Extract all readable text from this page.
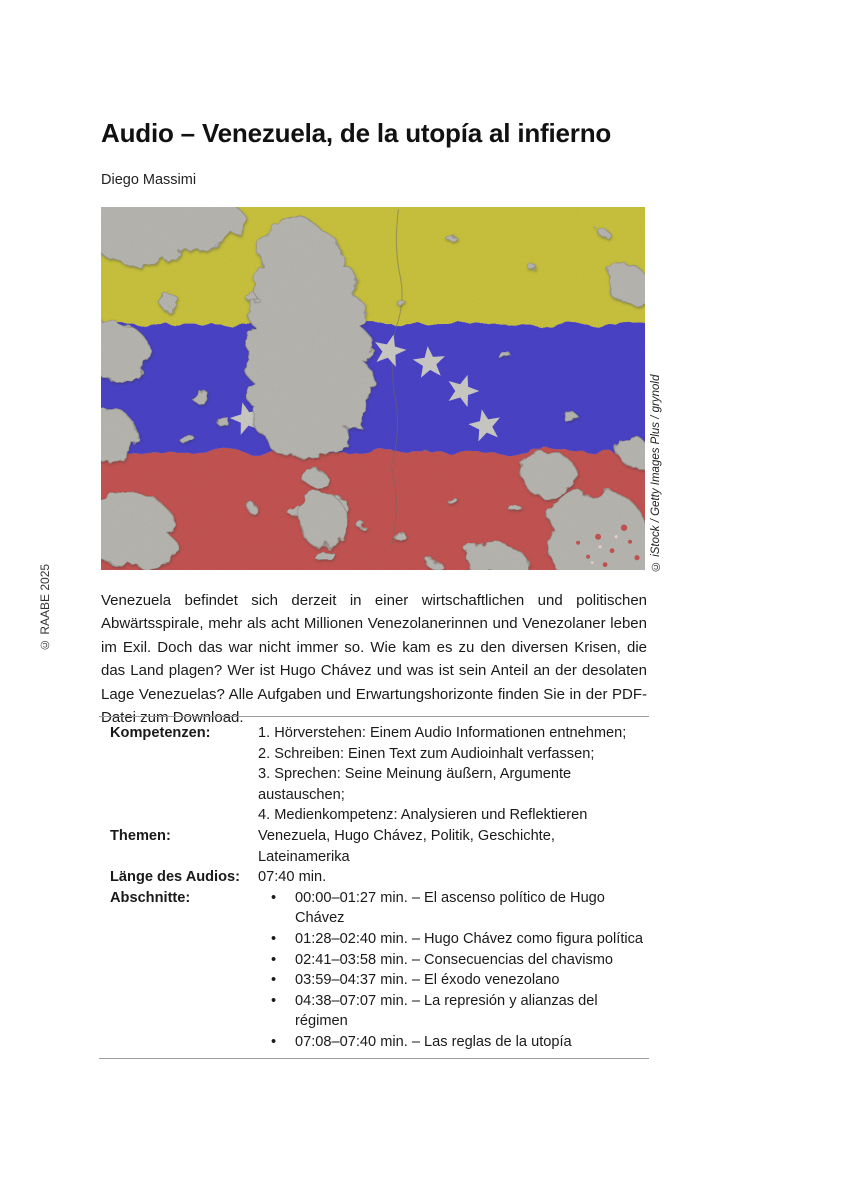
© RAABE 2025
Audio – Venezuela, de la utopía al infierno
Diego Massimi
© iStock / Getty Images Plus / grynold

Venezuela befindet sich derzeit in einer wirtschaftlichen und politischen Abwärtsspirale, mehr als acht Millionen Venezolanerinnen und Venezolaner leben im Exil. Doch das war nicht immer so. Wie kam es zu den diversen Krisen, die das Land plagen? Wer ist Hugo Chávez und was ist sein Anteil an der desolaten Lage Venezuelas? Alle Aufgaben und Erwartungshorizonte finden Sie in der PDF-Datei zum Download.

Kompetenzen:	1. Hörverstehen: Einem Audio Informationen entnehmen;
2. Schreiben: Einen Text zum Audioinhalt verfassen;
3. Sprechen: Seine Meinung äußern, Argumente austauschen;
4. Medienkompetenz: Analysieren und Reflektieren
Themen:	Venezuela, Hugo Chávez, Politik, Geschichte, Lateinamerika
Länge des Audios:	07:40 min.
Abschnitte:	• 00:00–01:27 min. – El ascenso político de Hugo Chávez
• 01:28–02:40 min. – Hugo Chávez como figura política
• 02:41–03:58 min. – Consecuencias del chavismo
• 03:59–04:37 min. – El éxodo venezolano
• 04:38–07:07 min. – La represión y alianzas del régimen
• 07:08–07:40 min. – Las reglas de la utopía
